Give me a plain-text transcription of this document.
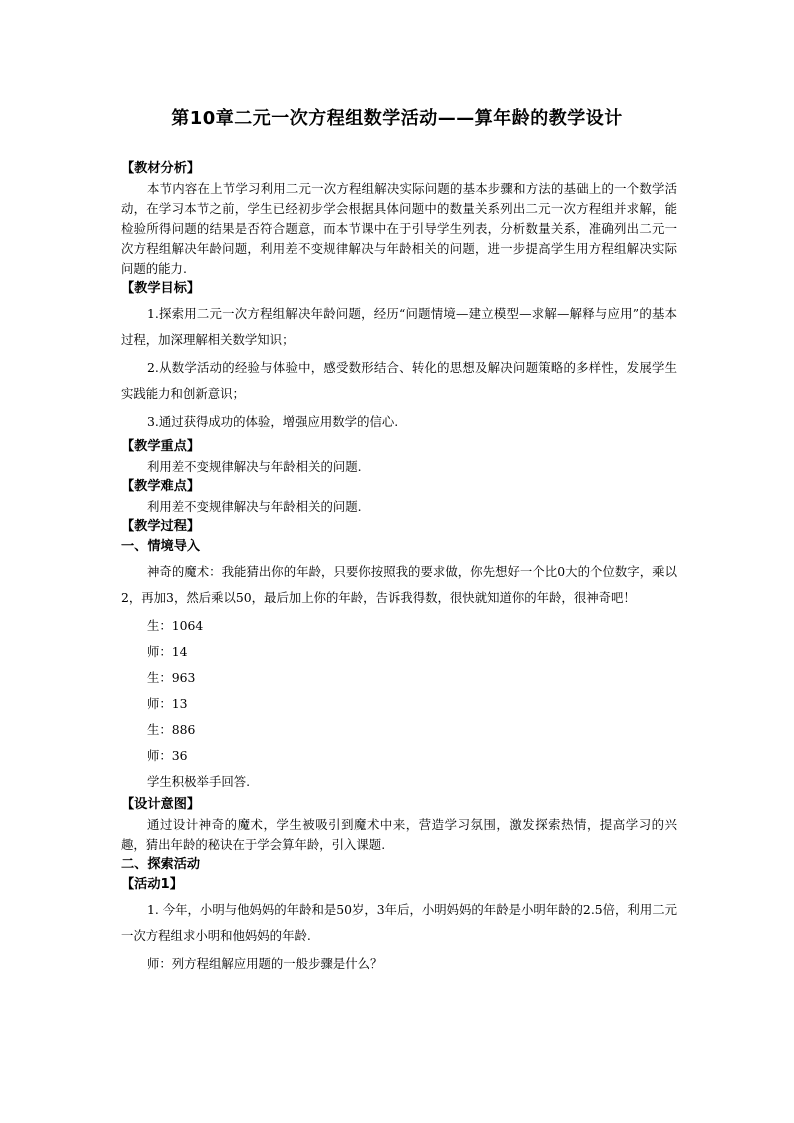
第10章二元一次方程组数学活动——算年龄的教学设计
【教材分析】
本节内容在上节学习利用二元一次方程组解决实际问题的基本步骤和方法的基础上的一个数学活动，在学习本节之前，学生已经初步学会根据具体问题中的数量关系列出二元一次方程组并求解，能检验所得问题的结果是否符合题意，而本节课中在于引导学生列表，分析数量关系，准确列出二元一次方程组解决年龄问题，利用差不变规律解决与年龄相关的问题，进一步提高学生用方程组解决实际问题的能力.
【教学目标】
1.探索用二元一次方程组解决年龄问题，经历“问题情境—建立模型—求解—解释与应用”的基本过程，加深理解相关数学知识；
2.从数学活动的经验与体验中，感受数形结合、转化的思想及解决问题策略的多样性，发展学生实践能力和创新意识；
3.通过获得成功的体验，增强应用数学的信心.
【教学重点】
利用差不变规律解决与年龄相关的问题.
【教学难点】
利用差不变规律解决与年龄相关的问题.
【教学过程】
一、情境导入
神奇的魔术：我能猜出你的年龄，只要你按照我的要求做，你先想好一个比0大的个位数字，乘以2，再加3，然后乘以50，最后加上你的年龄，告诉我得数，很快就知道你的年龄，很神奇吧！
生：1064
师：14
生：963
师：13
生：886
师：36
学生积极举手回答.
【设计意图】
通过设计神奇的魔术，学生被吸引到魔术中来，营造学习氛围，激发探索热情，提高学习的兴趣，猜出年龄的秘诀在于学会算年龄，引入课题.
二、探索活动
【活动1】
1. 今年，小明与他妈妈的年龄和是50岁，3年后，小明妈妈的年龄是小明年龄的2.5倍，利用二元一次方程组求小明和他妈妈的年龄.
师：列方程组解应用题的一般步骤是什么？
